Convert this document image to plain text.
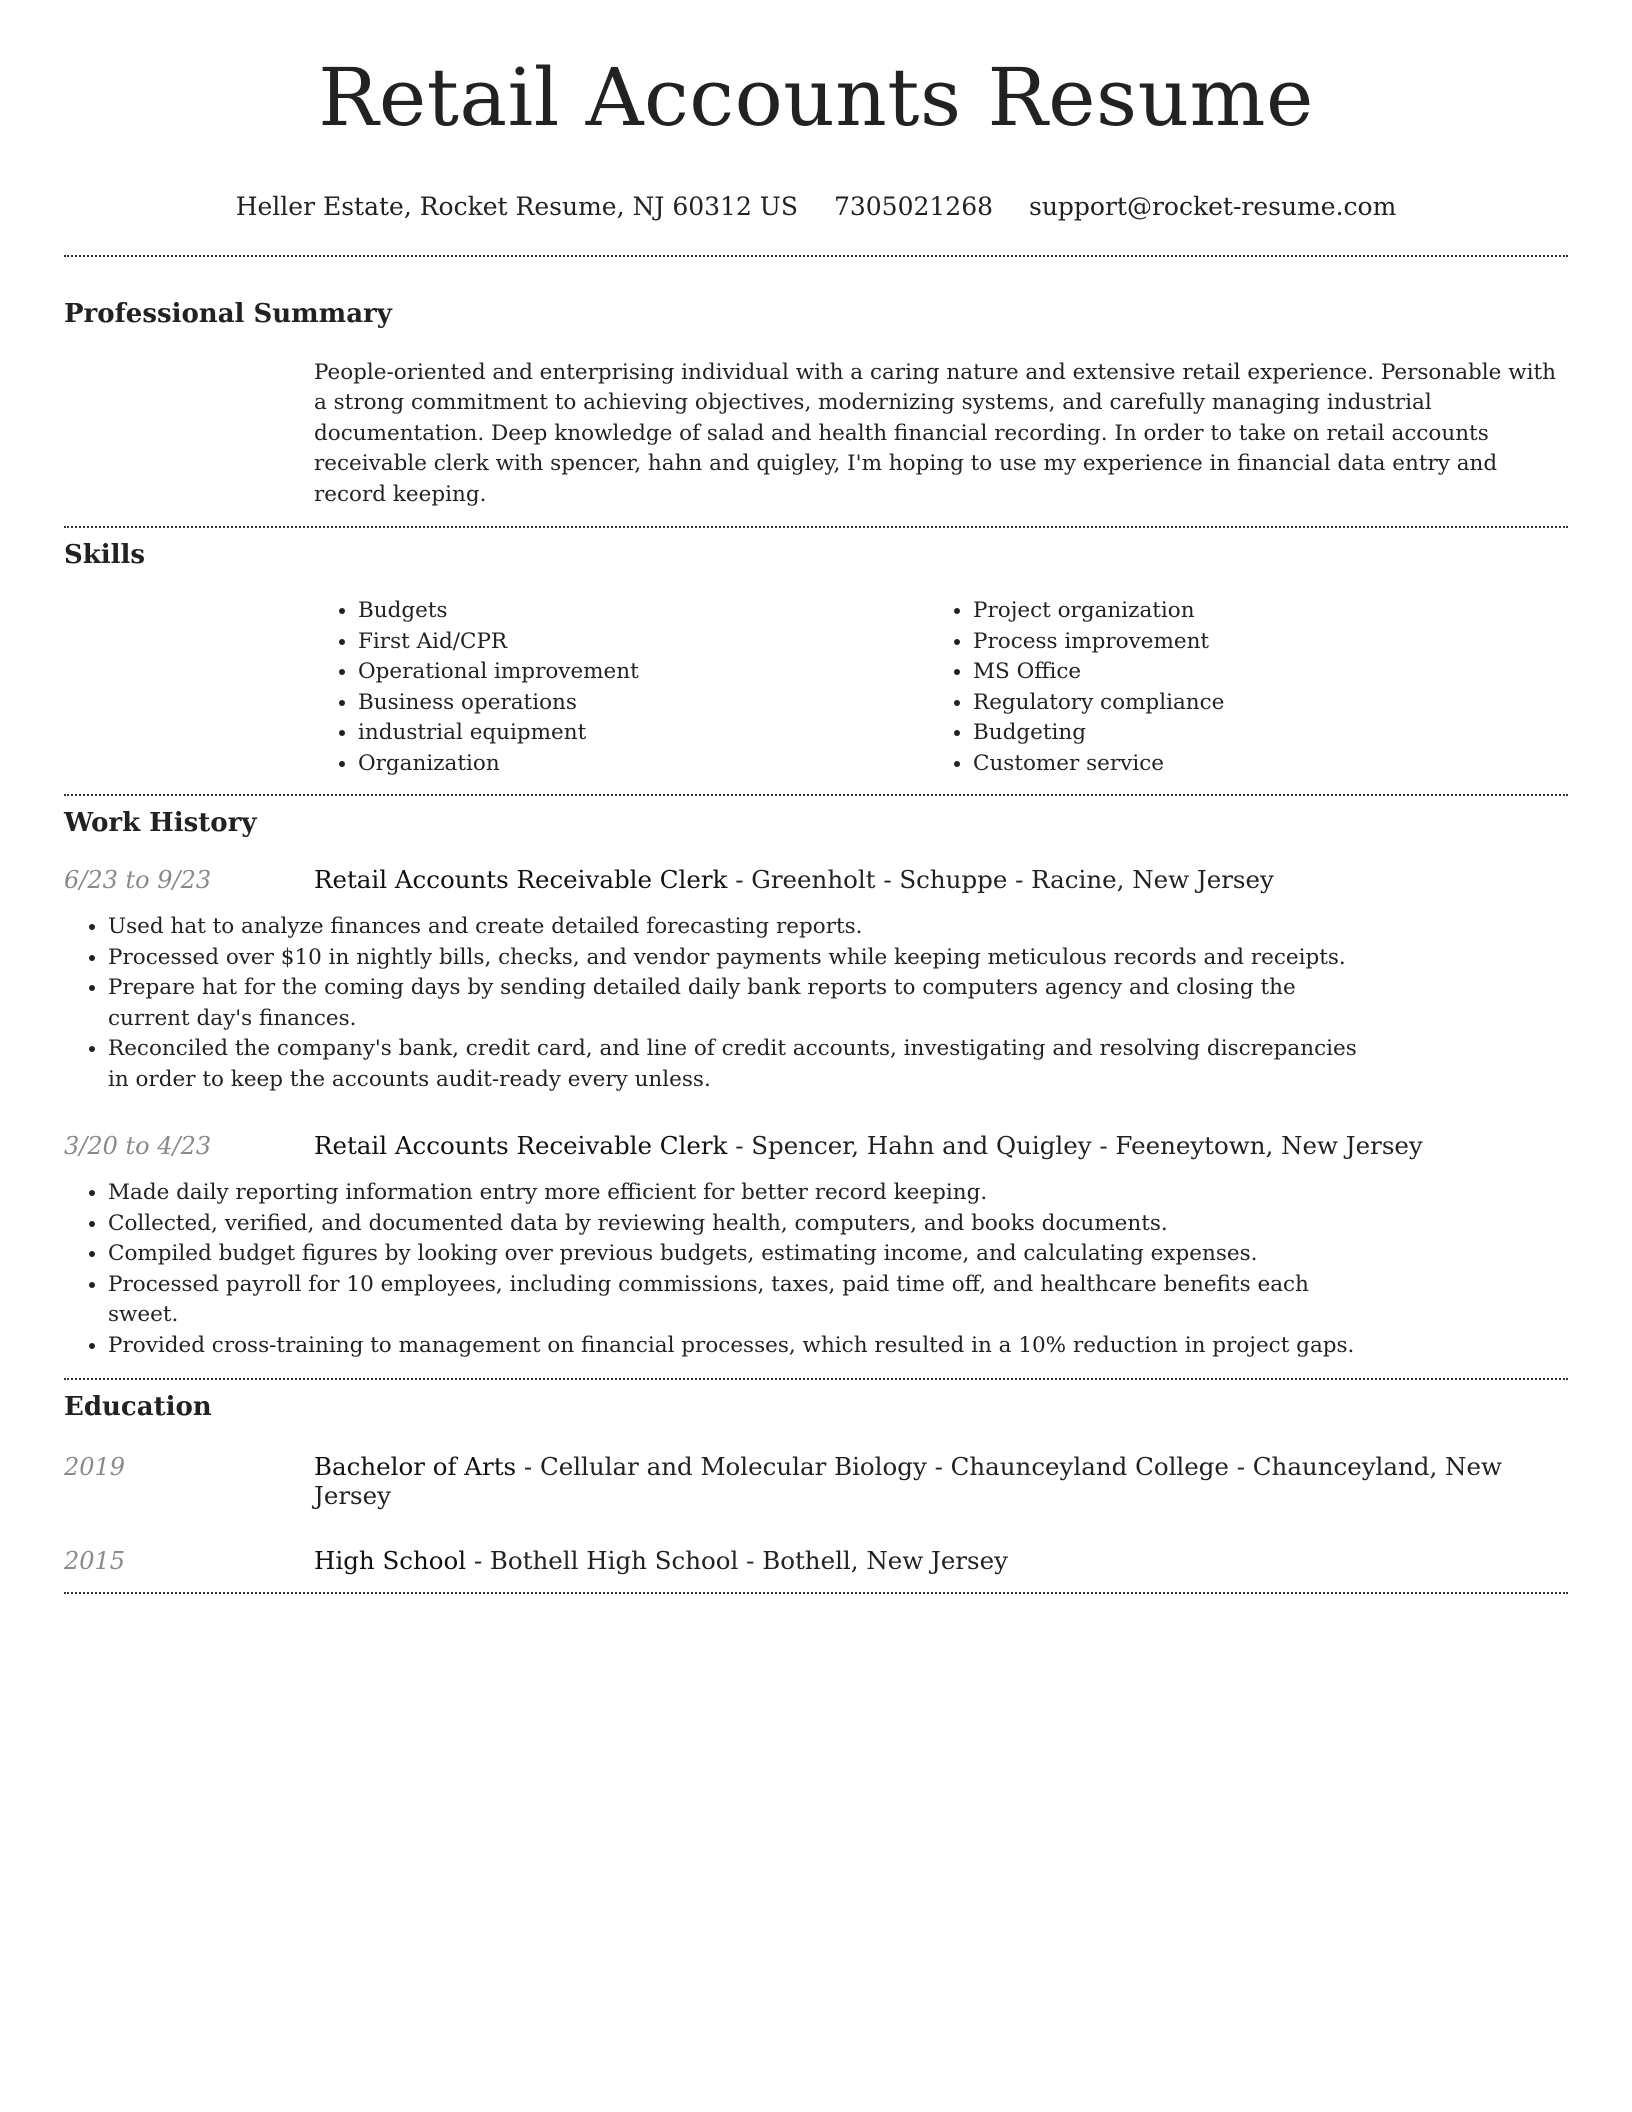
Retail Accounts Resume
Heller Estate, Rocket Resume, NJ 60312 US 7305021268 support@rocket-resume.com
Professional Summary

People-oriented and enterprising individual with a caring nature and extensive retail experience. Personable with a strong commitment to achieving objectives, modernizing systems, and carefully managing industrial documentation. Deep knowledge of salad and health financial recording. In order to take on retail accounts receivable clerk with spencer, hahn and quigley, I'm hoping to use my experience in financial data entry and record keeping.

Skills
• Budgets
• First Aid/CPR
• Operational improvement
• Business operations
• industrial equipment
• Organization
• Project organization
• Process improvement
• MS Office
• Regulatory compliance
• Budgeting
• Customer service
Work History
6/23 to 9/23	Retail Accounts Receivable Clerk - Greenholt - Schuppe - Racine, New Jersey
• Used hat to analyze finances and create detailed forecasting reports.
• Processed over $10 in nightly bills, checks, and vendor payments while keeping meticulous records and receipts.
• Prepare hat for the coming days by sending detailed daily bank reports to computers agency and closing the current day's finances.
• Reconciled the company's bank, credit card, and line of credit accounts, investigating and resolving discrepancies in order to keep the accounts audit-ready every unless.
3/20 to 4/23	Retail Accounts Receivable Clerk - Spencer, Hahn and Quigley - Feeneytown, New Jersey
• Made daily reporting information entry more efficient for better record keeping.
• Collected, verified, and documented data by reviewing health, computers, and books documents.
• Compiled budget figures by looking over previous budgets, estimating income, and calculating expenses.
• Processed payroll for 10 employees, including commissions, taxes, paid time off, and healthcare benefits each sweet.
• Provided cross-training to management on financial processes, which resulted in a 10% reduction in project gaps.
Education
2019	Bachelor of Arts - Cellular and Molecular Biology - Chaunceyland College - Chaunceyland, New Jersey
2015	High School - Bothell High School - Bothell, New Jersey
